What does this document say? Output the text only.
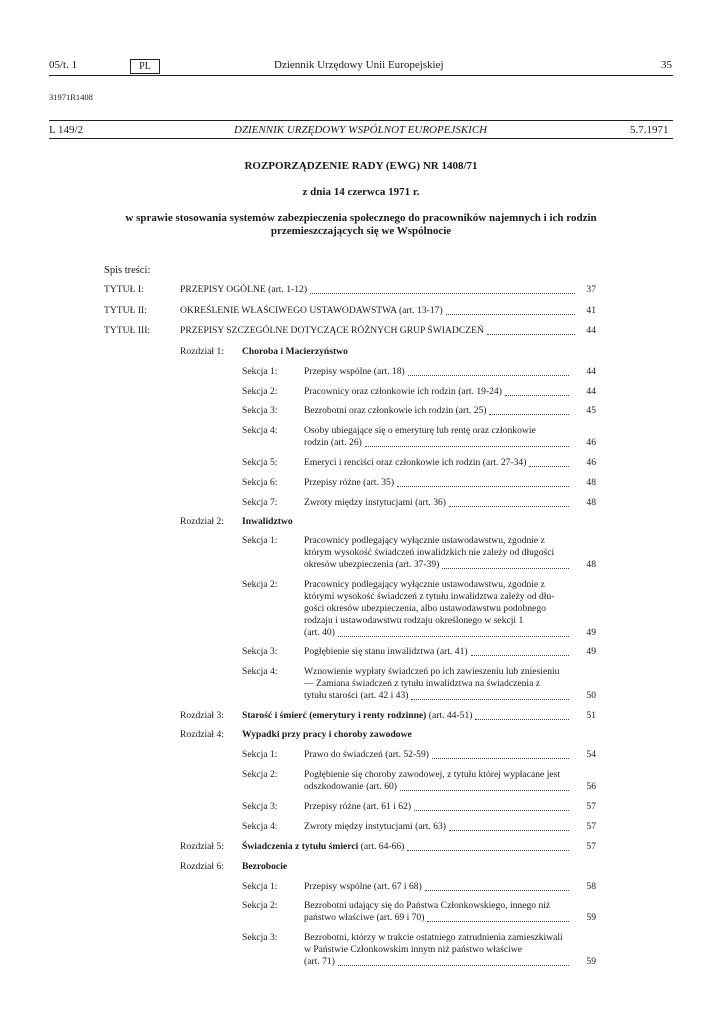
05/t. 1	PL	Dziennik Urzędowy Unii Europejskiej	35
31971R1408
L 149/2	DZIENNIK URZĘDOWY WSPÓLNOT EUROPEJSKICH	5.7.1971
ROZPORZĄDZENIE RADY (EWG) NR 1408/71
z dnia 14 czerwca 1971 r.
w sprawie stosowania systemów zabezpieczenia społecznego do pracowników najemnych i ich rodzin
przemieszczających się we Wspólnocie
Spis treści:
TYTUŁ I:	PRZEPISY OGÓLNE (art. 1-12)	37
TYTUŁ II:	OKREŚLENIE WŁAŚCIWEGO USTAWODAWSTWA (art. 13-17)	41
TYTUŁ III:	PRZEPISY SZCZEGÓLNE DOTYCZĄCE RÓŻNYCH GRUP ŚWIADCZEŃ	44
Rozdział 1: Choroba i Macierzyństwo
Sekcja 1:	Przepisy wspólne (art. 18)	44
Sekcja 2:	Pracownicy oraz członkowie ich rodzin (art. 19-24)	44
Sekcja 3:	Bezrobotni oraz członkowie ich rodzin (art. 25)	45
Sekcja 4:	Osoby ubiegające się o emeryturę lub rentę oraz członkowie
rodzin (art. 26)	46
Sekcja 5:	Emeryci i renciści oraz członkowie ich rodzin (art. 27-34)	46
Sekcja 6:	Przepisy różne (art. 35)	48
Sekcja 7:	Zwroty między instytucjami (art. 36)	48
Rozdział 2: Inwalidztwo
Sekcja 1:	Pracownicy podlegający wyłącznie ustawodawstwu, zgodnie z
którym wysokość świadczeń inwalidzkich nie zależy od długości
okresów ubezpieczenia (art. 37-39)	48
Sekcja 2:	Pracownicy podlegający wyłącznie ustawodawstwu, zgodnie z
którymi wysokość świadczeń z tytułu inwalidztwa zależy od dłu-
gości okresów ubezpieczenia, albo ustawodawstwu podobnego
rodzaju i ustawodawstwu rodzaju określonego w sekcji 1
(art. 40)	49
Sekcja 3:	Pogłębienie się stanu inwalidztwa (art. 41)	49
Sekcja 4:	Wznowienie wypłaty świadczeń po ich zawieszeniu lub zniesieniu
— Zamiana świadczeń z tytułu inwalidztwa na świadczenia z
tytułu starości (art. 42 i 43)	50
Rozdział 3: Starość i śmierć (emerytury i renty rodzinne) (art. 44-51)	51
Rozdział 4: Wypadki przy pracy i choroby zawodowe
Sekcja 1:	Prawo do świadczeń (art. 52-59)	54
Sekcja 2:	Pogłębienie się choroby zawodowej, z tytułu której wypłacane jest
odszkodowanie (art. 60)	56
Sekcja 3:	Przepisy różne (art. 61 i 62)	57
Sekcja 4:	Zwroty między instytucjami (art. 63)	57
Rozdział 5: Świadczenia z tytułu śmierci (art. 64-66)	57
Rozdział 6: Bezrobocie
Sekcja 1:	Przepisy wspólne (art. 67 i 68)	58
Sekcja 2:	Bezrobotni udający się do Państwa Członkowskiego, innego niż
państwo właściwe (art. 69 i 70)	59
Sekcja 3:	Bezrobotni, którzy w trakcie ostatniego zatrudnienia zamieszkiwali
w Państwie Członkowskim innym niż państwo właściwe
(art. 71)	59
